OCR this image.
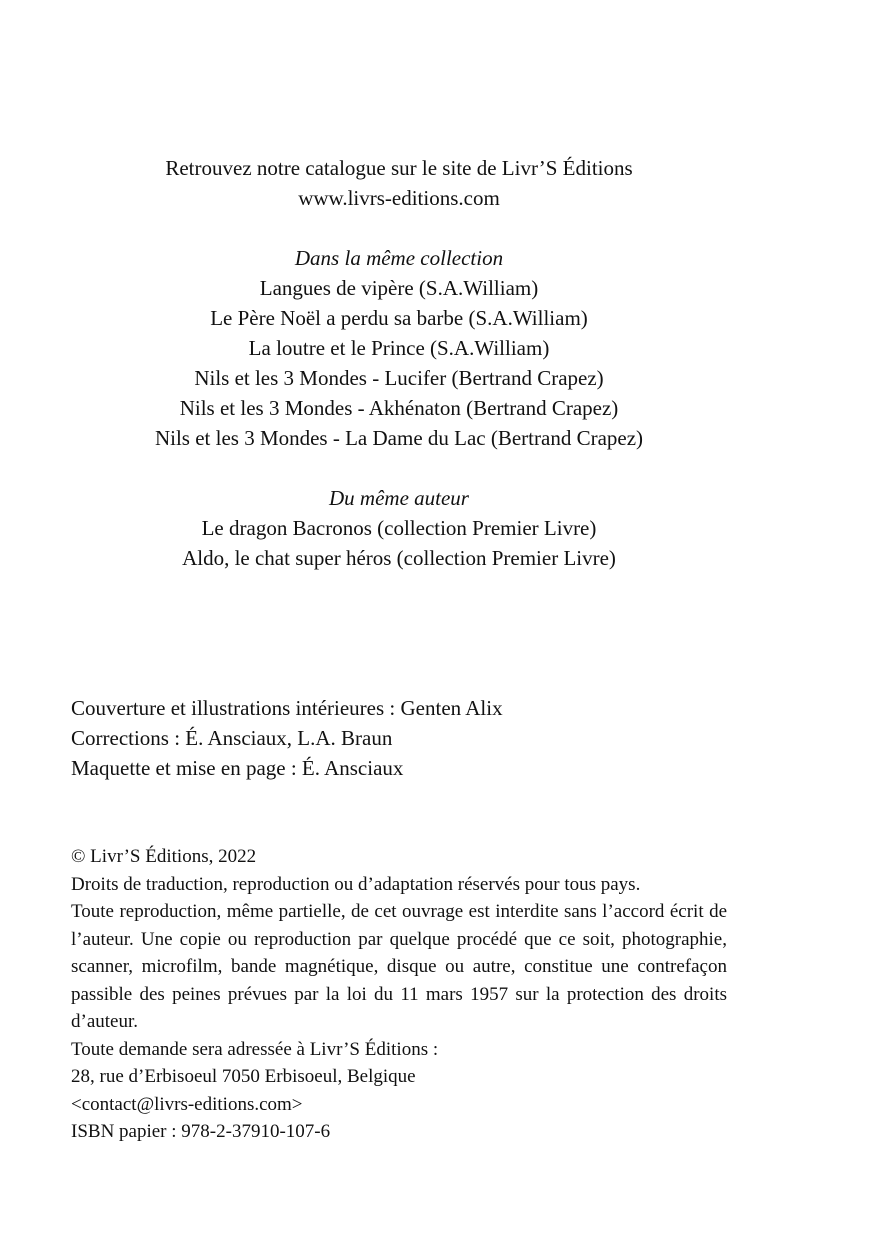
Retrouvez notre catalogue sur le site de Livr’S Éditions
www.livrs-editions.com
Dans la même collection
Langues de vipère (S.A.William)
Le Père Noël a perdu sa barbe (S.A.William)
La loutre et le Prince (S.A.William)
Nils et les 3 Mondes - Lucifer (Bertrand Crapez)
Nils et les 3 Mondes - Akhénaton (Bertrand Crapez)
Nils et les 3 Mondes - La Dame du Lac (Bertrand Crapez)
Du même auteur
Le dragon Bacronos (collection Premier Livre)
Aldo, le chat super héros (collection Premier Livre)
Couverture et illustrations intérieures : Genten Alix
Corrections : É. Ansciaux, L.A. Braun
Maquette et mise en page : É. Ansciaux
© Livr’S Éditions, 2022
Droits de traduction, reproduction ou d’adaptation réservés pour tous pays.
Toute reproduction, même partielle, de cet ouvrage est interdite sans l’accord écrit de l’auteur. Une copie ou reproduction par quelque procédé que ce soit, photographie, scanner, microfilm, bande magnétique, disque ou autre, constitue une contrefaçon passible des peines prévues par la loi du 11 mars 1957 sur la protection des droits d’auteur.
Toute demande sera adressée à Livr’S Éditions :
28, rue d’Erbisoeul 7050 Erbisoeul, Belgique
<contact@livrs-editions.com>
ISBN papier : 978-2-37910-107-6
